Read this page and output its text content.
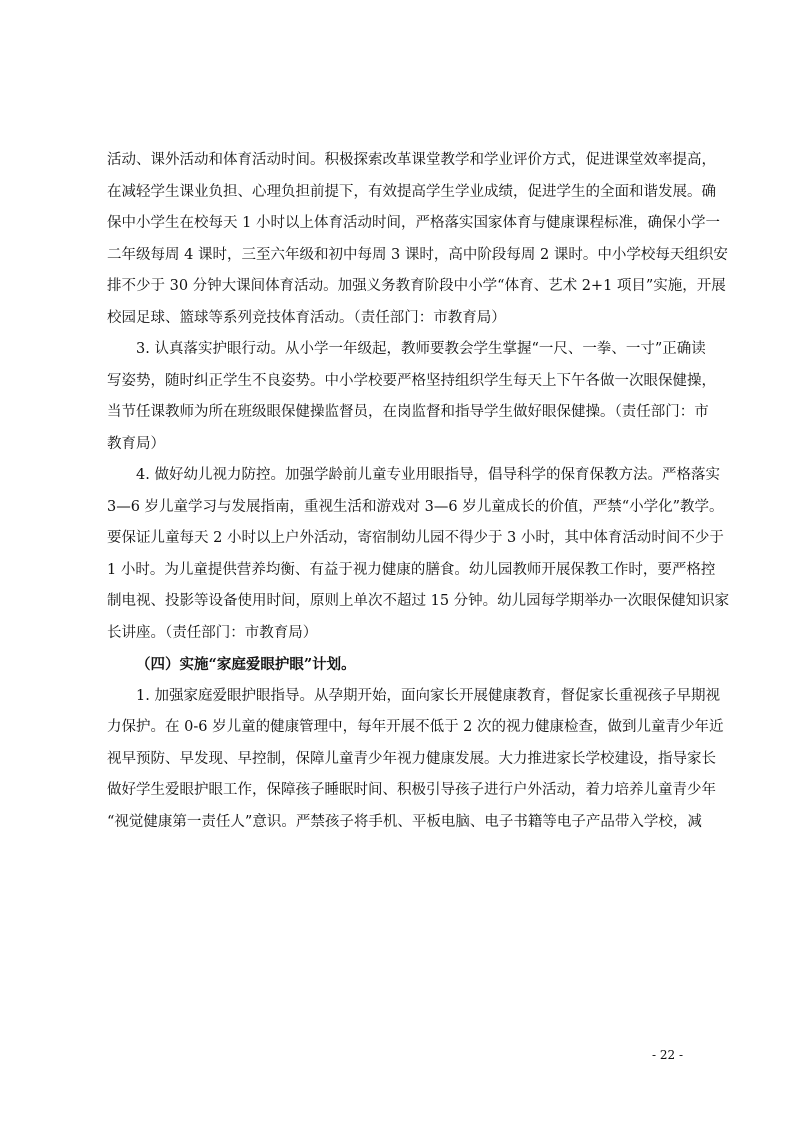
活动、课外活动和体育活动时间。积极探索改革课堂教学和学业评价方式，促进课堂效率提高，
在减轻学生课业负担、心理负担前提下，有效提高学生学业成绩，促进学生的全面和谐发展。确
保中小学生在校每天 1 小时以上体育活动时间，严格落实国家体育与健康课程标准，确保小学一
二年级每周 4 课时，三至六年级和初中每周 3 课时，高中阶段每周 2 课时。中小学校每天组织安
排不少于 30 分钟大课间体育活动。加强义务教育阶段中小学“体育、艺术 2+1 项目”实施，开展
校园足球、篮球等系列竞技体育活动。（责任部门：市教育局）
3. 认真落实护眼行动。从小学一年级起，教师要教会学生掌握“一尺、一拳、一寸”正确读
写姿势，随时纠正学生不良姿势。中小学校要严格坚持组织学生每天上下午各做一次眼保健操，
当节任课教师为所在班级眼保健操监督员，在岗监督和指导学生做好眼保健操。（责任部门：市
教育局）
4. 做好幼儿视力防控。加强学龄前儿童专业用眼指导，倡导科学的保育保教方法。严格落实
3—6 岁儿童学习与发展指南，重视生活和游戏对 3—6 岁儿童成长的价值，严禁“小学化”教学。
要保证儿童每天 2 小时以上户外活动，寄宿制幼儿园不得少于 3 小时，其中体育活动时间不少于
1 小时。为儿童提供营养均衡、有益于视力健康的膳食。幼儿园教师开展保教工作时，要严格控
制电视、投影等设备使用时间，原则上单次不超过 15 分钟。幼儿园每学期举办一次眼保健知识家
长讲座。（责任部门：市教育局）
（四）实施“家庭爱眼护眼”计划。
1. 加强家庭爱眼护眼指导。从孕期开始，面向家长开展健康教育，督促家长重视孩子早期视
力保护。在 0-6 岁儿童的健康管理中，每年开展不低于 2 次的视力健康检查，做到儿童青少年近
视早预防、早发现、早控制，保障儿童青少年视力健康发展。大力推进家长学校建设，指导家长
做好学生爱眼护眼工作，保障孩子睡眠时间、积极引导孩子进行户外活动，着力培养儿童青少年
“视觉健康第一责任人”意识。严禁孩子将手机、平板电脑、电子书籍等电子产品带入学校，减
- 22 -
